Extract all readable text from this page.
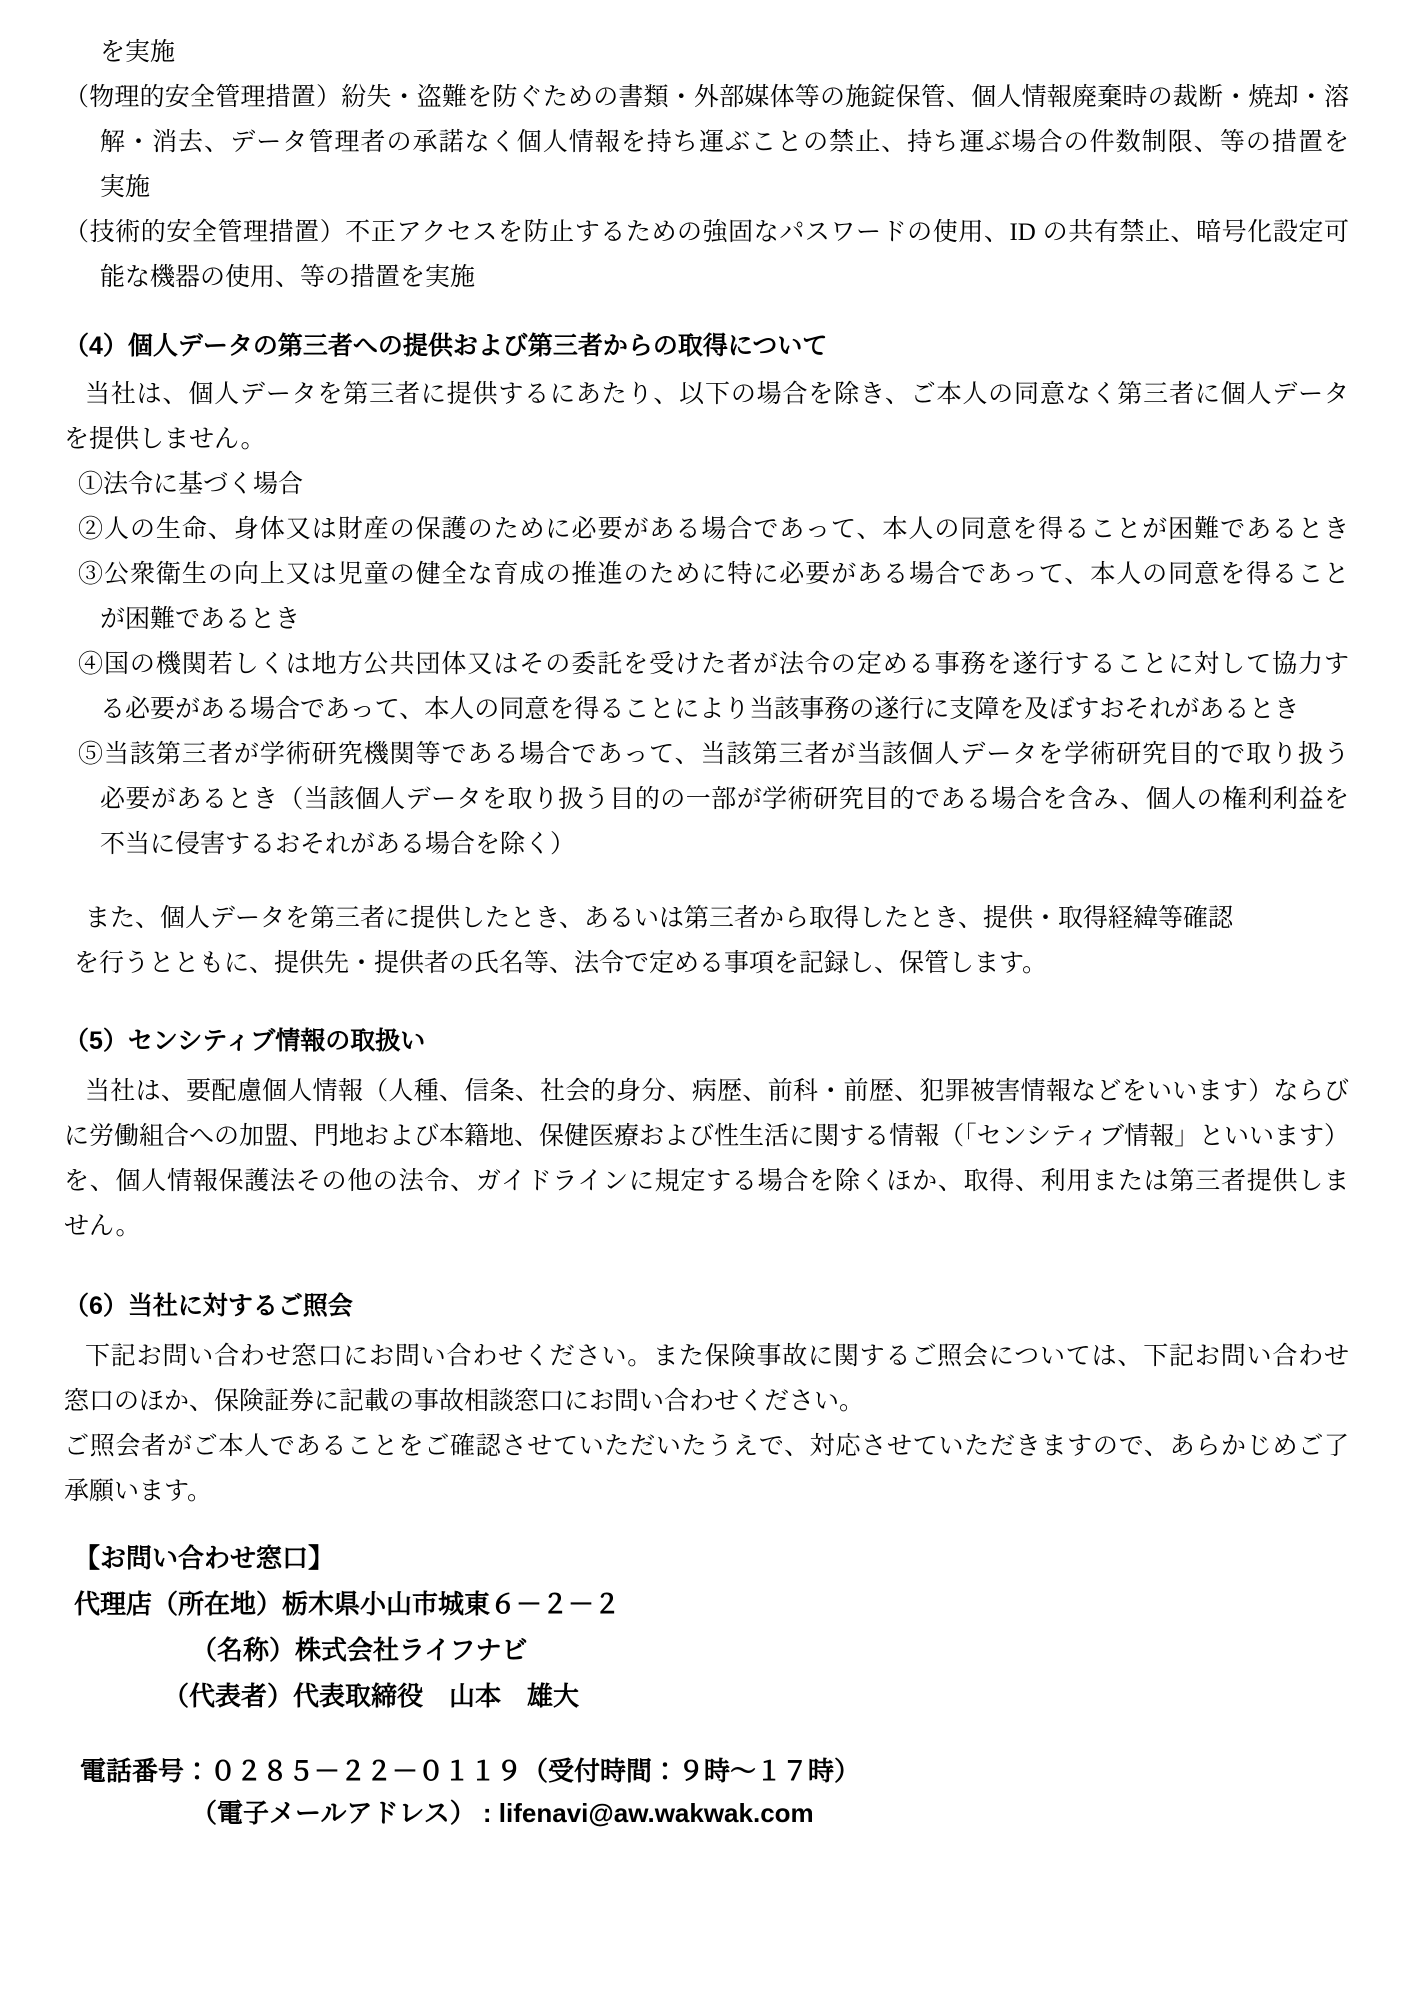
を実施
（物理的安全管理措置）紛失・盗難を防ぐための書類・外部媒体等の施錠保管、個人情報廃棄時の裁断・焼却・溶
解・消去、データ管理者の承諾なく個人情報を持ち運ぶことの禁止、持ち運ぶ場合の件数制限、等の措置を
実施
（技術的安全管理措置）不正アクセスを防止するための強固なパスワードの使用、ID の共有禁止、暗号化設定可
能な機器の使用、等の措置を実施
（4）個人データの第三者への提供および第三者からの取得について
当社は、個人データを第三者に提供するにあたり、以下の場合を除き、ご本人の同意なく第三者に個人データ
を提供しません。
①法令に基づく場合
②人の生命、身体又は財産の保護のために必要がある場合であって、本人の同意を得ることが困難であるとき
③公衆衛生の向上又は児童の健全な育成の推進のために特に必要がある場合であって、本人の同意を得ること
が困難であるとき
④国の機関若しくは地方公共団体又はその委託を受けた者が法令の定める事務を遂行することに対して協力す
る必要がある場合であって、本人の同意を得ることにより当該事務の遂行に支障を及ぼすおそれがあるとき
⑤当該第三者が学術研究機関等である場合であって、当該第三者が当該個人データを学術研究目的で取り扱う
必要があるとき（当該個人データを取り扱う目的の一部が学術研究目的である場合を含み、個人の権利利益を
不当に侵害するおそれがある場合を除く）
また、個人データを第三者に提供したとき、あるいは第三者から取得したとき、提供・取得経緯等確認
を行うとともに、提供先・提供者の氏名等、法令で定める事項を記録し、保管します。
（5）センシティブ情報の取扱い
当社は、要配慮個人情報（人種、信条、社会的身分、病歴、前科・前歴、犯罪被害情報などをいいます）ならび
に労働組合への加盟、門地および本籍地、保健医療および性生活に関する情報（「センシティブ情報」といいます）
を、個人情報保護法その他の法令、ガイドラインに規定する場合を除くほか、取得、利用または第三者提供しま
せん。
（6）当社に対するご照会
下記お問い合わせ窓口にお問い合わせください。また保険事故に関するご照会については、下記お問い合わせ
窓口のほか、保険証券に記載の事故相談窓口にお問い合わせください。
ご照会者がご本人であることをご確認させていただいたうえで、対応させていただきますので、あらかじめご了
承願います。
【お問い合わせ窓口】
代理店（所在地）栃木県小山市城東６－２－２
（名称）株式会社ライフナビ
（代表者）代表取締役　山本　雄大
電話番号：０２８５－２２－０１１９（受付時間：９時～１７時）
（電子メールアドレス） : lifenavi@aw.wakwak.com
